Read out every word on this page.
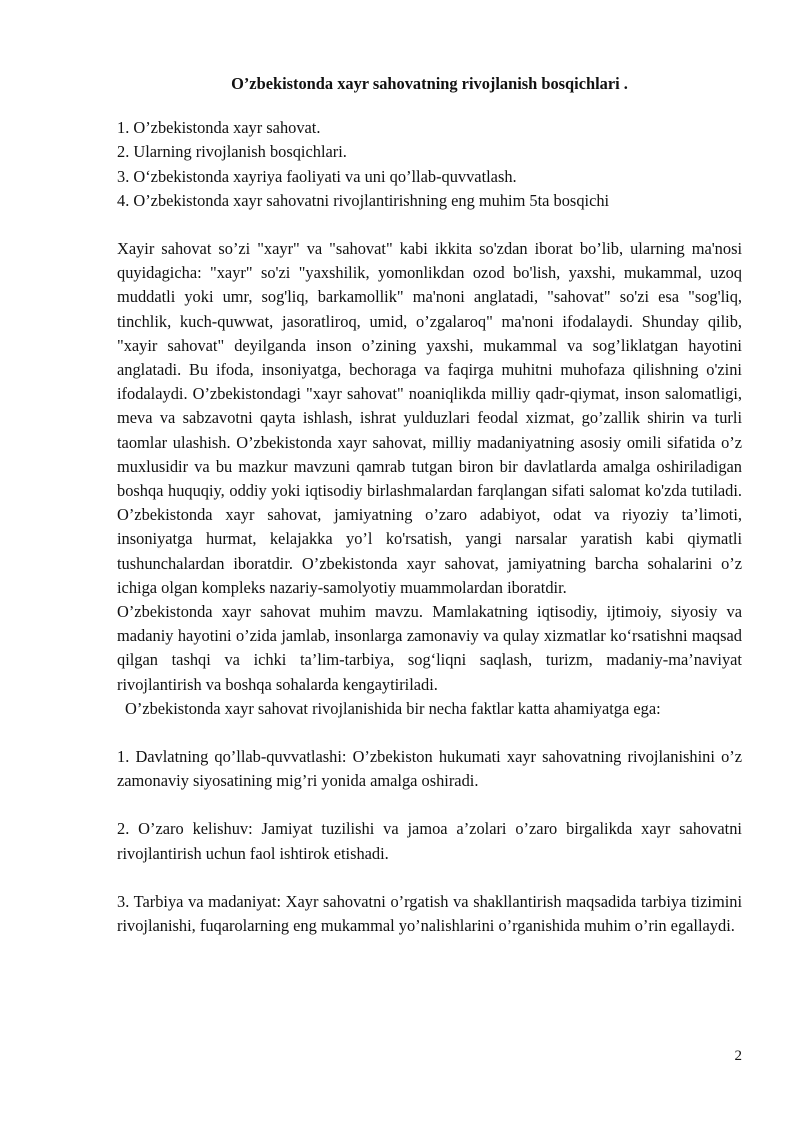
O’zbekistonda xayr sahovatning rivojlanish bosqichlari .

1. O’zbekistonda xayr sahovat.
2. Ularning rivojlanish bosqichlari.
3. O‘zbekistonda xayriya faoliyati va uni qo’llab-quvvatlash.
4. O’zbekistonda xayr sahovatni rivojlantirishning eng muhim 5ta bosqichi

Xayir sahovat so’zi "xayr" va "sahovat" kabi ikkita so'zdan iborat bo’lib, ularning ma'nosi quyidagicha: "xayr" so'zi "yaxshilik, yomonlikdan ozod bo'lish, yaxshi, mukammal, uzoq muddatli yoki umr, sog'liq, barkamollik" ma'noni anglatadi, "sahovat" so'zi esa "sog'liq, tinchlik, kuch-quwwat, jasoratliroq, umid, o’zgalaroq" ma'noni ifodalaydi. Shunday qilib, "xayir sahovat" deyilganda inson o’zining yaxshi, mukammal va sog’liklatgan hayotini anglatadi. Bu ifoda, insoniyatga, bechoraga va faqirga muhitni muhofaza qilishning o'zini ifodalaydi. O’zbekistondagi "xayr sahovat" noaniqlikda milliy qadr-qiymat, inson salomatligi, meva va sabzavotni qayta ishlash, ishrat yulduzlari feodal xizmat, go’zallik shirin va turli taomlar ulashish. O’zbekistonda xayr sahovat, milliy madaniyatning asosiy omili sifatida o’z muxlusidir va bu mazkur mavzuni qamrab tutgan biron bir davlatlarda amalga oshiriladigan boshqa huquqiy, oddiy yoki iqtisodiy birlashmalardan farqlangan sifati salomat ko'zda tutiladi. O’zbekistonda xayr sahovat, jamiyatning o’zaro adabiyot, odat va riyoziy ta’limoti, insoniyatga hurmat, kelajakka yo’l ko'rsatish, yangi narsalar yaratish kabi qiymatli tushunchalardan iboratdir. O’zbekistonda xayr sahovat, jamiyatning barcha sohalarini o’z ichiga olgan kompleks nazariy-samolyotiy muammolardan iboratdir.

O’zbekistonda xayr sahovat muhim mavzu. Mamlakatning iqtisodiy, ijtimoiy, siyosiy va madaniy hayotini o’zida jamlab, insonlarga zamonaviy va qulay xizmatlar ko‘rsatishni maqsad qilgan tashqi va ichki ta’lim-tarbiya, sog‘liqni saqlash, turizm, madaniy-ma’naviyat rivojlantirish va boshqa sohalarda kengaytiriladi.

O’zbekistonda xayr sahovat rivojlanishida bir necha faktlar katta ahamiyatga ega:

1. Davlatning qo’llab-quvvatlashi: O’zbekiston hukumati xayr sahovatning rivojlanishini o’z zamonaviy siyosatining mig’ri yonida amalga oshiradi.

2. O’zaro kelishuv: Jamiyat tuzilishi va jamoa a’zolari o’zaro birgalikda xayr sahovatni rivojlantirish uchun faol ishtirok etishadi.

3. Tarbiya va madaniyat: Xayr sahovatni o’rgatish va shakllantirish maqsadida tarbiya tizimini rivojlanishi, fuqarolarning eng mukammal yo’nalishlarini o’rganishida muhim o’rin egallaydi.

2
